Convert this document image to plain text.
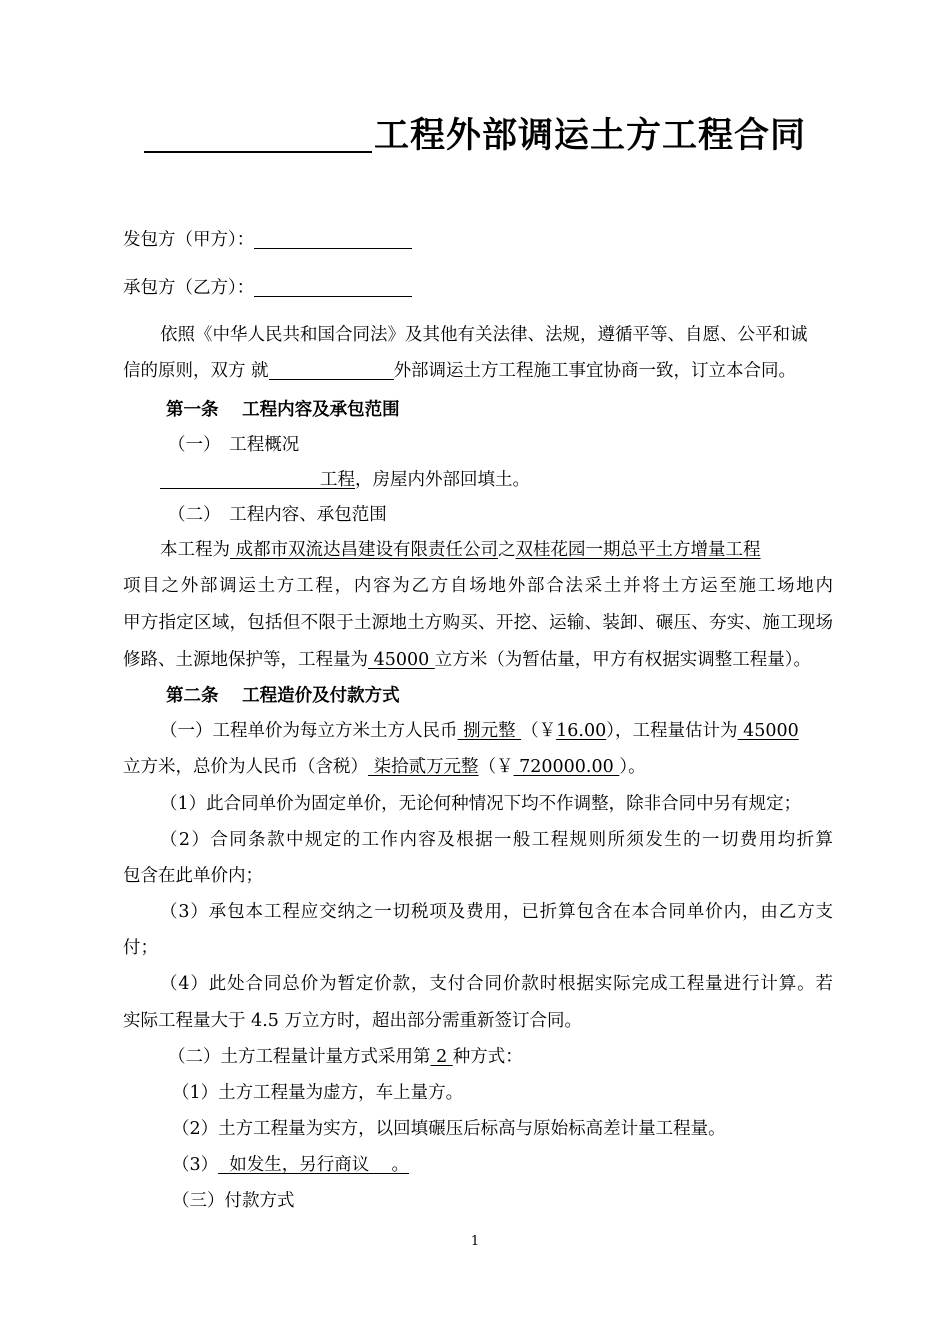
工程外部调运土方工程合同
发包方（甲方）：
承包方（乙方）：
依照《中华人民共和国合同法》及其他有关法律、法规，遵循平等、自愿、公平和诚
信的原则，双方 就	外部调运土方工程施工事宜协商一致，订立本合同。
第一条　 工程内容及承包范围
（一）　工程概况
工程，房屋内外部回填土。
（二）　工程内容、承包范围
本工程为 成都市双流达昌建设有限责任公司之双桂花园一期总平土方增量工程
项目之外部调运土方工程，内容为乙方自场地外部合法采土并将土方运至施工场地内
甲方指定区域，包括但不限于土源地土方购买、开挖、运输、装卸、碾压、夯实、施工现场
修路、土源地保护等，工程量为 45000 立方米（为暂估量，甲方有权据实调整工程量）。
第二条　 工程造价及付款方式
（一）工程单价为每立方米土方人民币 捌元整 （￥16.00），工程量估计为 45000
立方米，总价为人民币（含税） 柒拾贰万元整（￥ 720000.00 ）。
（1）此合同单价为固定单价，无论何种情况下均不作调整，除非合同中另有规定；
（2）合同条款中规定的工作内容及根据一般工程规则所须发生的一切费用均折算
包含在此单价内；
（3）承包本工程应交纳之一切税项及费用，已折算包含在本合同单价内，由乙方支
付；
（4）此处合同总价为暂定价款，支付合同价款时根据实际完成工程量进行计算。若
实际工程量大于 4.5 万立方时，超出部分需重新签订合同。
（二）土方工程量计量方式采用第 2 种方式：
（1）土方工程量为虚方，车上量方。
（2）土方工程量为实方，以回填碾压后标高与原始标高差计量工程量。
（3）  如发生，另行商议    。
（三）付款方式
1
